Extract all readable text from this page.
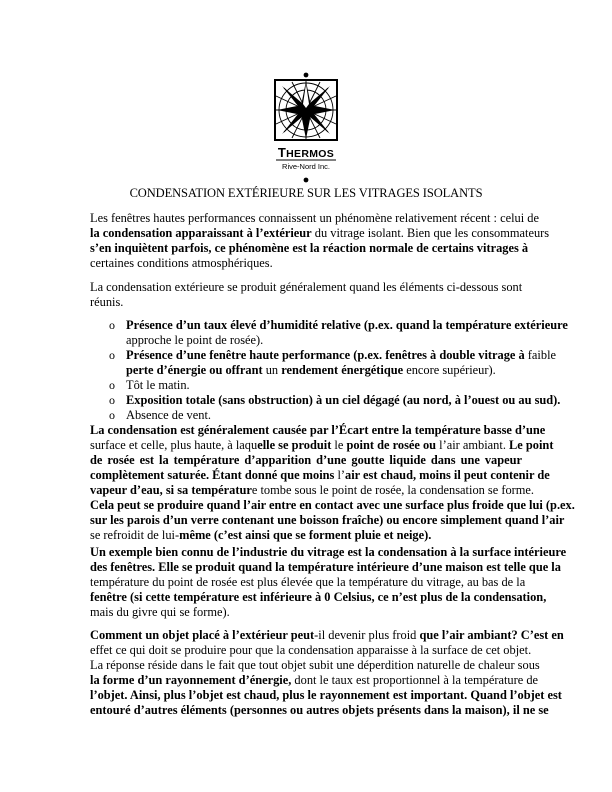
THERMOS
Rive-Nord Inc.
CONDENSATION EXTÉRIEURE SUR LES VITRAGES ISOLANTS
Les fenêtres hautes performances connaissent un phénomène relativement récent : celui de
la condensation apparaissant à l’extérieur du vitrage isolant. Bien que les consommateurs
s’en inquiètent parfois, ce phénomène est la réaction normale de certains vitrages à
certaines conditions atmosphériques.
La condensation extérieure se produit généralement quand les éléments ci-dessous sont
réunis.
o Présence d’un taux élevé d’humidité relative (p.ex. quand la température extérieure
approche le point de rosée).
o Présence d’une fenêtre haute performance (p.ex. fenêtres à double vitrage à faible
perte d’énergie ou offrant un rendement énergétique encore supérieur).
o Tôt le matin.
o Exposition totale (sans obstruction) à un ciel dégagé (au nord, à l’ouest ou au sud).
o Absence de vent.
La condensation est généralement causée par l’Écart entre la température basse d’une
surface et celle, plus haute, à laquelle se produit le point de rosée ou l’air ambiant. Le point
de rosée est la température d’apparition d’une goutte liquide dans une vapeur
complètement saturée. Étant donné que moins l’air est chaud, moins il peut contenir de
vapeur d’eau, si sa température tombe sous le point de rosée, la condensation se forme.
Cela peut se produire quand l’air entre en contact avec une surface plus froide que lui (p.ex.
sur les parois d’un verre contenant une boisson fraîche) ou encore simplement quand l’air
se refroidit de lui-même (c’est ainsi que se forment pluie et neige).
Un exemple bien connu de l’industrie du vitrage est la condensation à la surface intérieure
des fenêtres. Elle se produit quand la température intérieure d’une maison est telle que la
température du point de rosée est plus élevée que la température du vitrage, au bas de la
fenêtre (si cette température est inférieure à 0 Celsius, ce n’est plus de la condensation,
mais du givre qui se forme).
Comment un objet placé à l’extérieur peut-il devenir plus froid que l’air ambiant? C’est en
effet ce qui doit se produire pour que la condensation apparaisse à la surface de cet objet.
La réponse réside dans le fait que tout objet subit une déperdition naturelle de chaleur sous
la forme d’un rayonnement d’énergie, dont le taux est proportionnel à la température de
l’objet. Ainsi, plus l’objet est chaud, plus le rayonnement est important. Quand l’objet est
entouré d’autres éléments (personnes ou autres objets présents dans la maison), il ne se
